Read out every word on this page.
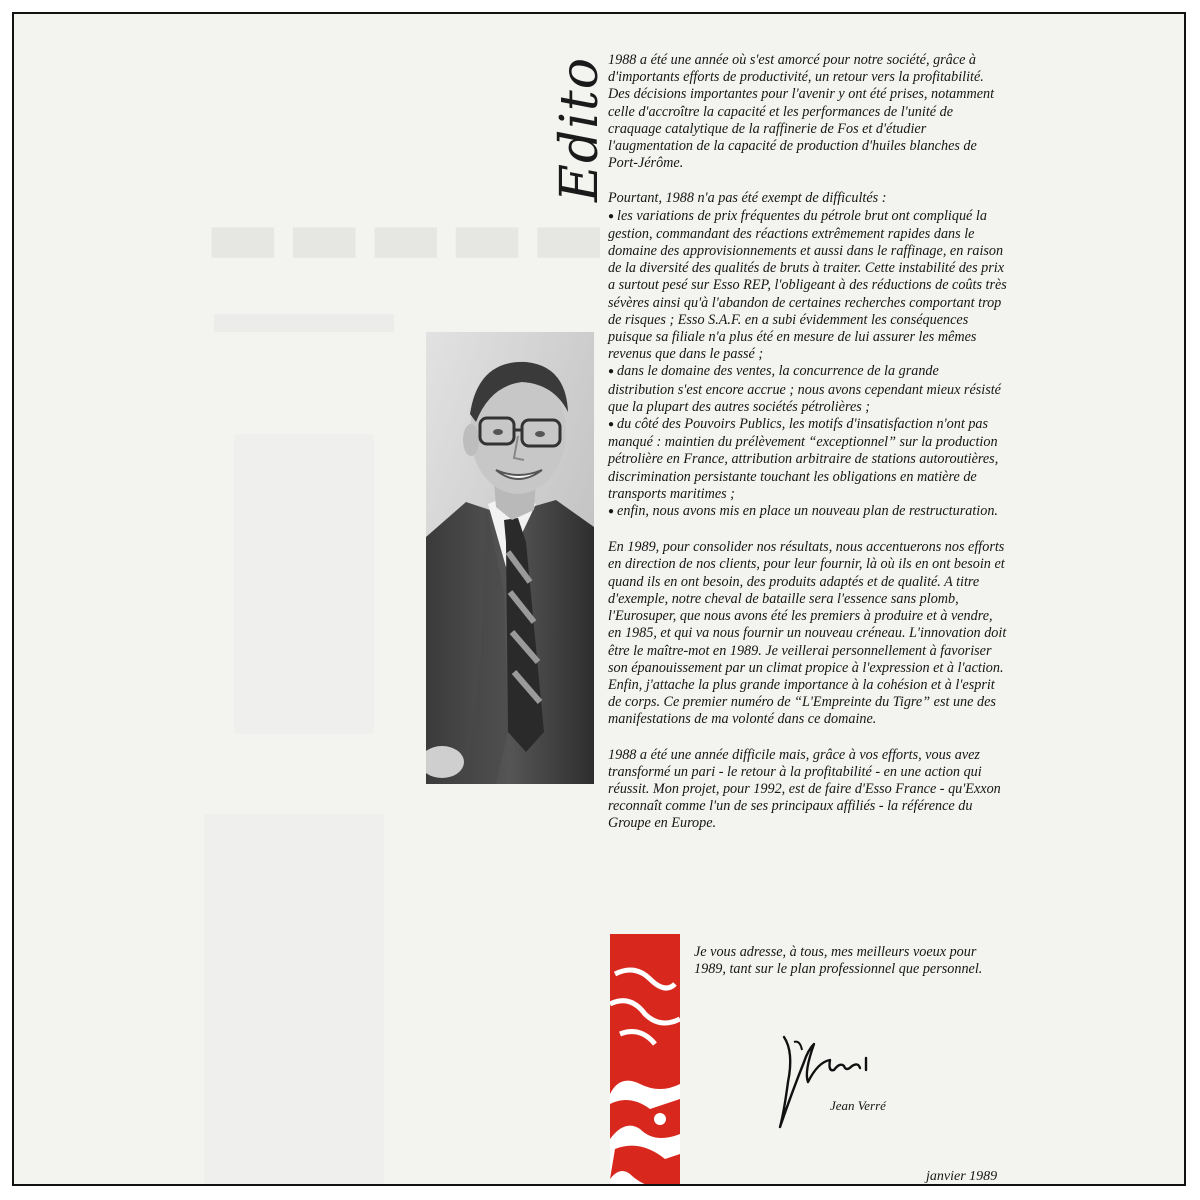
▬▬▬▬▬
Edito

1988 a été une année où s'est amorcé pour notre société, grâce à d'importants efforts de productivité, un retour vers la profitabilité. Des décisions importantes pour l'avenir y ont été prises, notamment celle d'accroître la capacité et les performances de l'unité de craquage catalytique de la raffinerie de Fos et d'étudier l'augmentation de la capacité de production d'huiles blanches de Port-Jérôme.

Pourtant, 1988 n'a pas été exempt de difficultés :

● les variations de prix fréquentes du pétrole brut ont compliqué la gestion, commandant des réactions extrêmement rapides dans le domaine des approvisionnements et aussi dans le raffinage, en raison de la diversité des qualités de bruts à traiter. Cette instabilité des prix a surtout pesé sur Esso REP, l'obligeant à des réductions de coûts très sévères ainsi qu'à l'abandon de certaines recherches comportant trop de risques ; Esso S.A.F. en a subi évidemment les conséquences puisque sa filiale n'a plus été en mesure de lui assurer les mêmes revenus que dans le passé ;
● dans le domaine des ventes, la concurrence de la grande distribution s'est encore accrue ; nous avons cependant mieux résisté que la plupart des autres sociétés pétrolières ;
● du côté des Pouvoirs Publics, les motifs d'insatisfaction n'ont pas manqué : maintien du prélèvement “exceptionnel” sur la production pétrolière en France, attribution arbitraire de stations autoroutières, discrimination persistante touchant les obligations en matière de transports maritimes ;
● enfin, nous avons mis en place un nouveau plan de restructuration.

En 1989, pour consolider nos résultats, nous accentuerons nos efforts en direction de nos clients, pour leur fournir, là où ils en ont besoin et quand ils en ont besoin, des produits adaptés et de qualité. A titre d'exemple, notre cheval de bataille sera l'essence sans plomb, l'Eurosuper, que nous avons été les premiers à produire et à vendre, en 1985, et qui va nous fournir un nouveau créneau. L'innovation doit être le maître-mot en 1989. Je veillerai personnellement à favoriser son épanouissement par un climat propice à l'expression et à l'action. Enfin, j'attache la plus grande importance à la cohésion et à l'esprit de corps. Ce premier numéro de “L'Empreinte du Tigre” est une des manifestations de ma volonté dans ce domaine.

1988 a été une année difficile mais, grâce à vos efforts, vous avez transformé un pari - le retour à la profitabilité - en une action qui réussit. Mon projet, pour 1992, est de faire d'Esso France - qu'Exxon reconnaît comme l'un de ses principaux affiliés - la référence du Groupe en Europe.

Je vous adresse, à tous, mes meilleurs voeux pour 1989, tant sur le plan professionnel que personnel.
Jean Verré
janvier 1989
